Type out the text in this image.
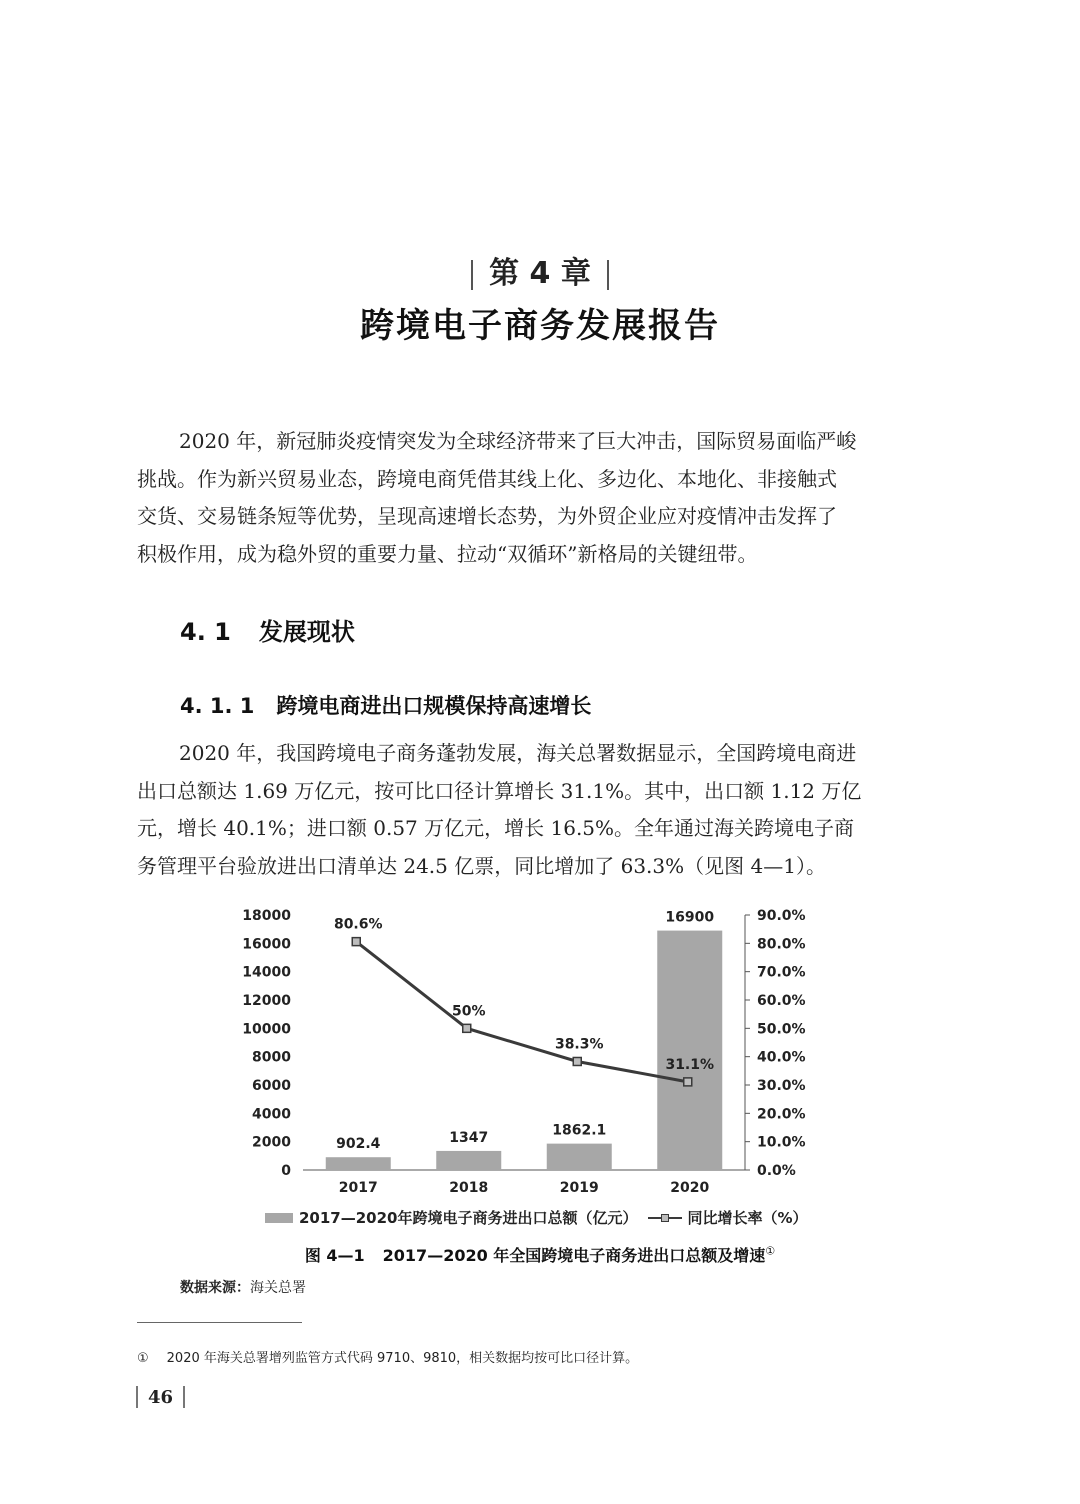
第 4 章
跨境电子商务发展报告
2020 年，新冠肺炎疫情突发为全球经济带来了巨大冲击，国际贸易面临严峻
挑战。作为新兴贸易业态，跨境电商凭借其线上化、多边化、本地化、非接触式
交货、交易链条短等优势，呈现高速增长态势，为外贸企业应对疫情冲击发挥了
积极作用，成为稳外贸的重要力量、拉动“双循环”新格局的关键纽带。
4. 1 发展现状
4. 1. 1 跨境电商进出口规模保持高速增长
2020 年，我国跨境电子商务蓬勃发展，海关总署数据显示，全国跨境电商进
出口总额达 1.69 万亿元，按可比口径计算增长 31.1%。其中，出口额 1.12 万亿
元，增长 40.1%；进口额 0.57 万亿元，增长 16.5%。全年通过海关跨境电子商
务管理平台验放进出口清单达 24.5 亿票，同比增加了 63.3%（见图 4—1）。
0
2000
4000
6000
8000
10000
12000
14000
16000
18000
0.0%
10.0%
20.0%
30.0%
40.0%
50.0%
60.0%
70.0%
80.0%
90.0%
902.4	1347	1862.1
16900
2017	2018	2019	2020
80.6%
50%
38.3%
31.1%
2017—2020年跨境电子商务进出口总额（亿元）	同比增长率（%）
图 4—1 2017—2020 年全国跨境电子商务进出口总额及增速①
数据来源：海关总署
① 2020 年海关总署增列监管方式代码 9710、9810，相关数据均按可比口径计算。
46
